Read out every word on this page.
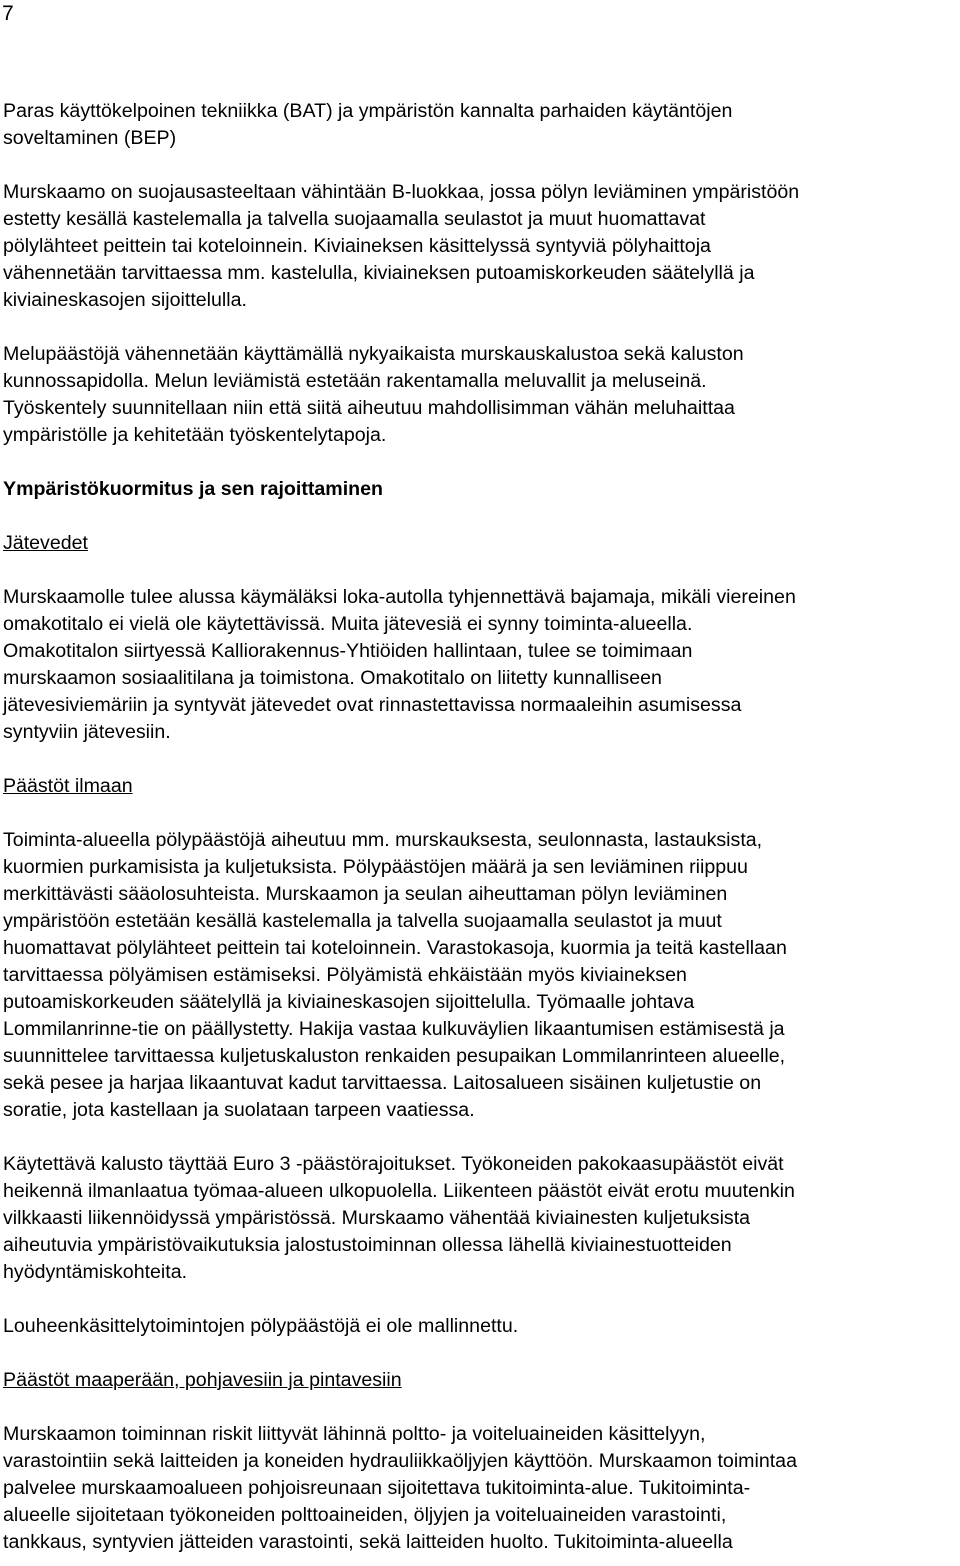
7

Paras käyttökelpoinen tekniikka (BAT) ja ympäristön kannalta parhaiden käytäntöjen
soveltaminen (BEP)

Murskaamo on suojausasteeltaan vähintään B-luokkaa, jossa pölyn leviäminen ympäristöön
estetty kesällä kastelemalla ja talvella suojaamalla seulastot ja muut huomattavat
pölylähteet peittein tai koteloinnein. Kiviaineksen käsittelyssä syntyviä pölyhaittoja
vähennetään tarvittaessa mm. kastelulla, kiviaineksen putoamiskorkeuden säätelyllä ja
kiviaineskasojen sijoittelulla.

Melupäästöjä vähennetään käyttämällä nykyaikaista murskauskalustoa sekä kaluston
kunnossapidolla. Melun leviämistä estetään rakentamalla meluvallit ja meluseinä.
Työskentely suunnitellaan niin että siitä aiheutuu mahdollisimman vähän meluhaittaa
ympäristölle ja kehitetään työskentelytapoja.

Ympäristökuormitus ja sen rajoittaminen

Jätevedet

Murskaamolle tulee alussa käymäläksi loka-autolla tyhjennettävä bajamaja, mikäli viereinen
omakotitalo ei vielä ole käytettävissä. Muita jätevesiä ei synny toiminta-alueella.
Omakotitalon siirtyessä Kalliorakennus-Yhtiöiden hallintaan, tulee se toimimaan
murskaamon sosiaalitilana ja toimistona. Omakotitalo on liitetty kunnalliseen
jätevesiviemäriin ja syntyvät jätevedet ovat rinnastettavissa normaaleihin asumisessa
syntyviin jätevesiin.

Päästöt ilmaan

Toiminta-alueella pölypäästöjä aiheutuu mm. murskauksesta, seulonnasta, lastauksista,
kuormien purkamisista ja kuljetuksista. Pölypäästöjen määrä ja sen leviäminen riippuu
merkittävästi sääolosuhteista. Murskaamon ja seulan aiheuttaman pölyn leviäminen
ympäristöön estetään kesällä kastelemalla ja talvella suojaamalla seulastot ja muut
huomattavat pölylähteet peittein tai koteloinnein. Varastokasoja, kuormia ja teitä kastellaan
tarvittaessa pölyämisen estämiseksi. Pölyämistä ehkäistään myös kiviaineksen
putoamiskorkeuden säätelyllä ja kiviaineskasojen sijoittelulla. Työmaalle johtava
Lommilanrinne-tie on päällystetty. Hakija vastaa kulkuväylien likaantumisen estämisestä ja
suunnittelee tarvittaessa kuljetuskaluston renkaiden pesupaikan Lommilanrinteen alueelle,
sekä pesee ja harjaa likaantuvat kadut tarvittaessa. Laitosalueen sisäinen kuljetustie on
soratie, jota kastellaan ja suolataan tarpeen vaatiessa.

Käytettävä kalusto täyttää Euro 3 -päästörajoitukset. Työkoneiden pakokaasupäästöt eivät
heikennä ilmanlaatua työmaa-alueen ulkopuolella. Liikenteen päästöt eivät erotu muutenkin
vilkkaasti liikennöidyssä ympäristössä. Murskaamo vähentää kiviainesten kuljetuksista
aiheutuvia ympäristövaikutuksia jalostustoiminnan ollessa lähellä kiviainestuotteiden
hyödyntämiskohteita.

Louheenkäsittelytoimintojen pölypäästöjä ei ole mallinnettu.

Päästöt maaperään, pohjavesiin ja pintavesiin

Murskaamon toiminnan riskit liittyvät lähinnä poltto- ja voiteluaineiden käsittelyyn,
varastointiin sekä laitteiden ja koneiden hydrauliikkaöljyjen käyttöön. Murskaamon toimintaa
palvelee murskaamoalueen pohjoisreunaan sijoitettava tukitoiminta-alue. Tukitoiminta-
alueelle sijoitetaan työkoneiden polttoaineiden, öljyjen ja voiteluaineiden varastointi,
tankkaus, syntyvien jätteiden varastointi, sekä laitteiden huolto. Tukitoiminta-alueella
